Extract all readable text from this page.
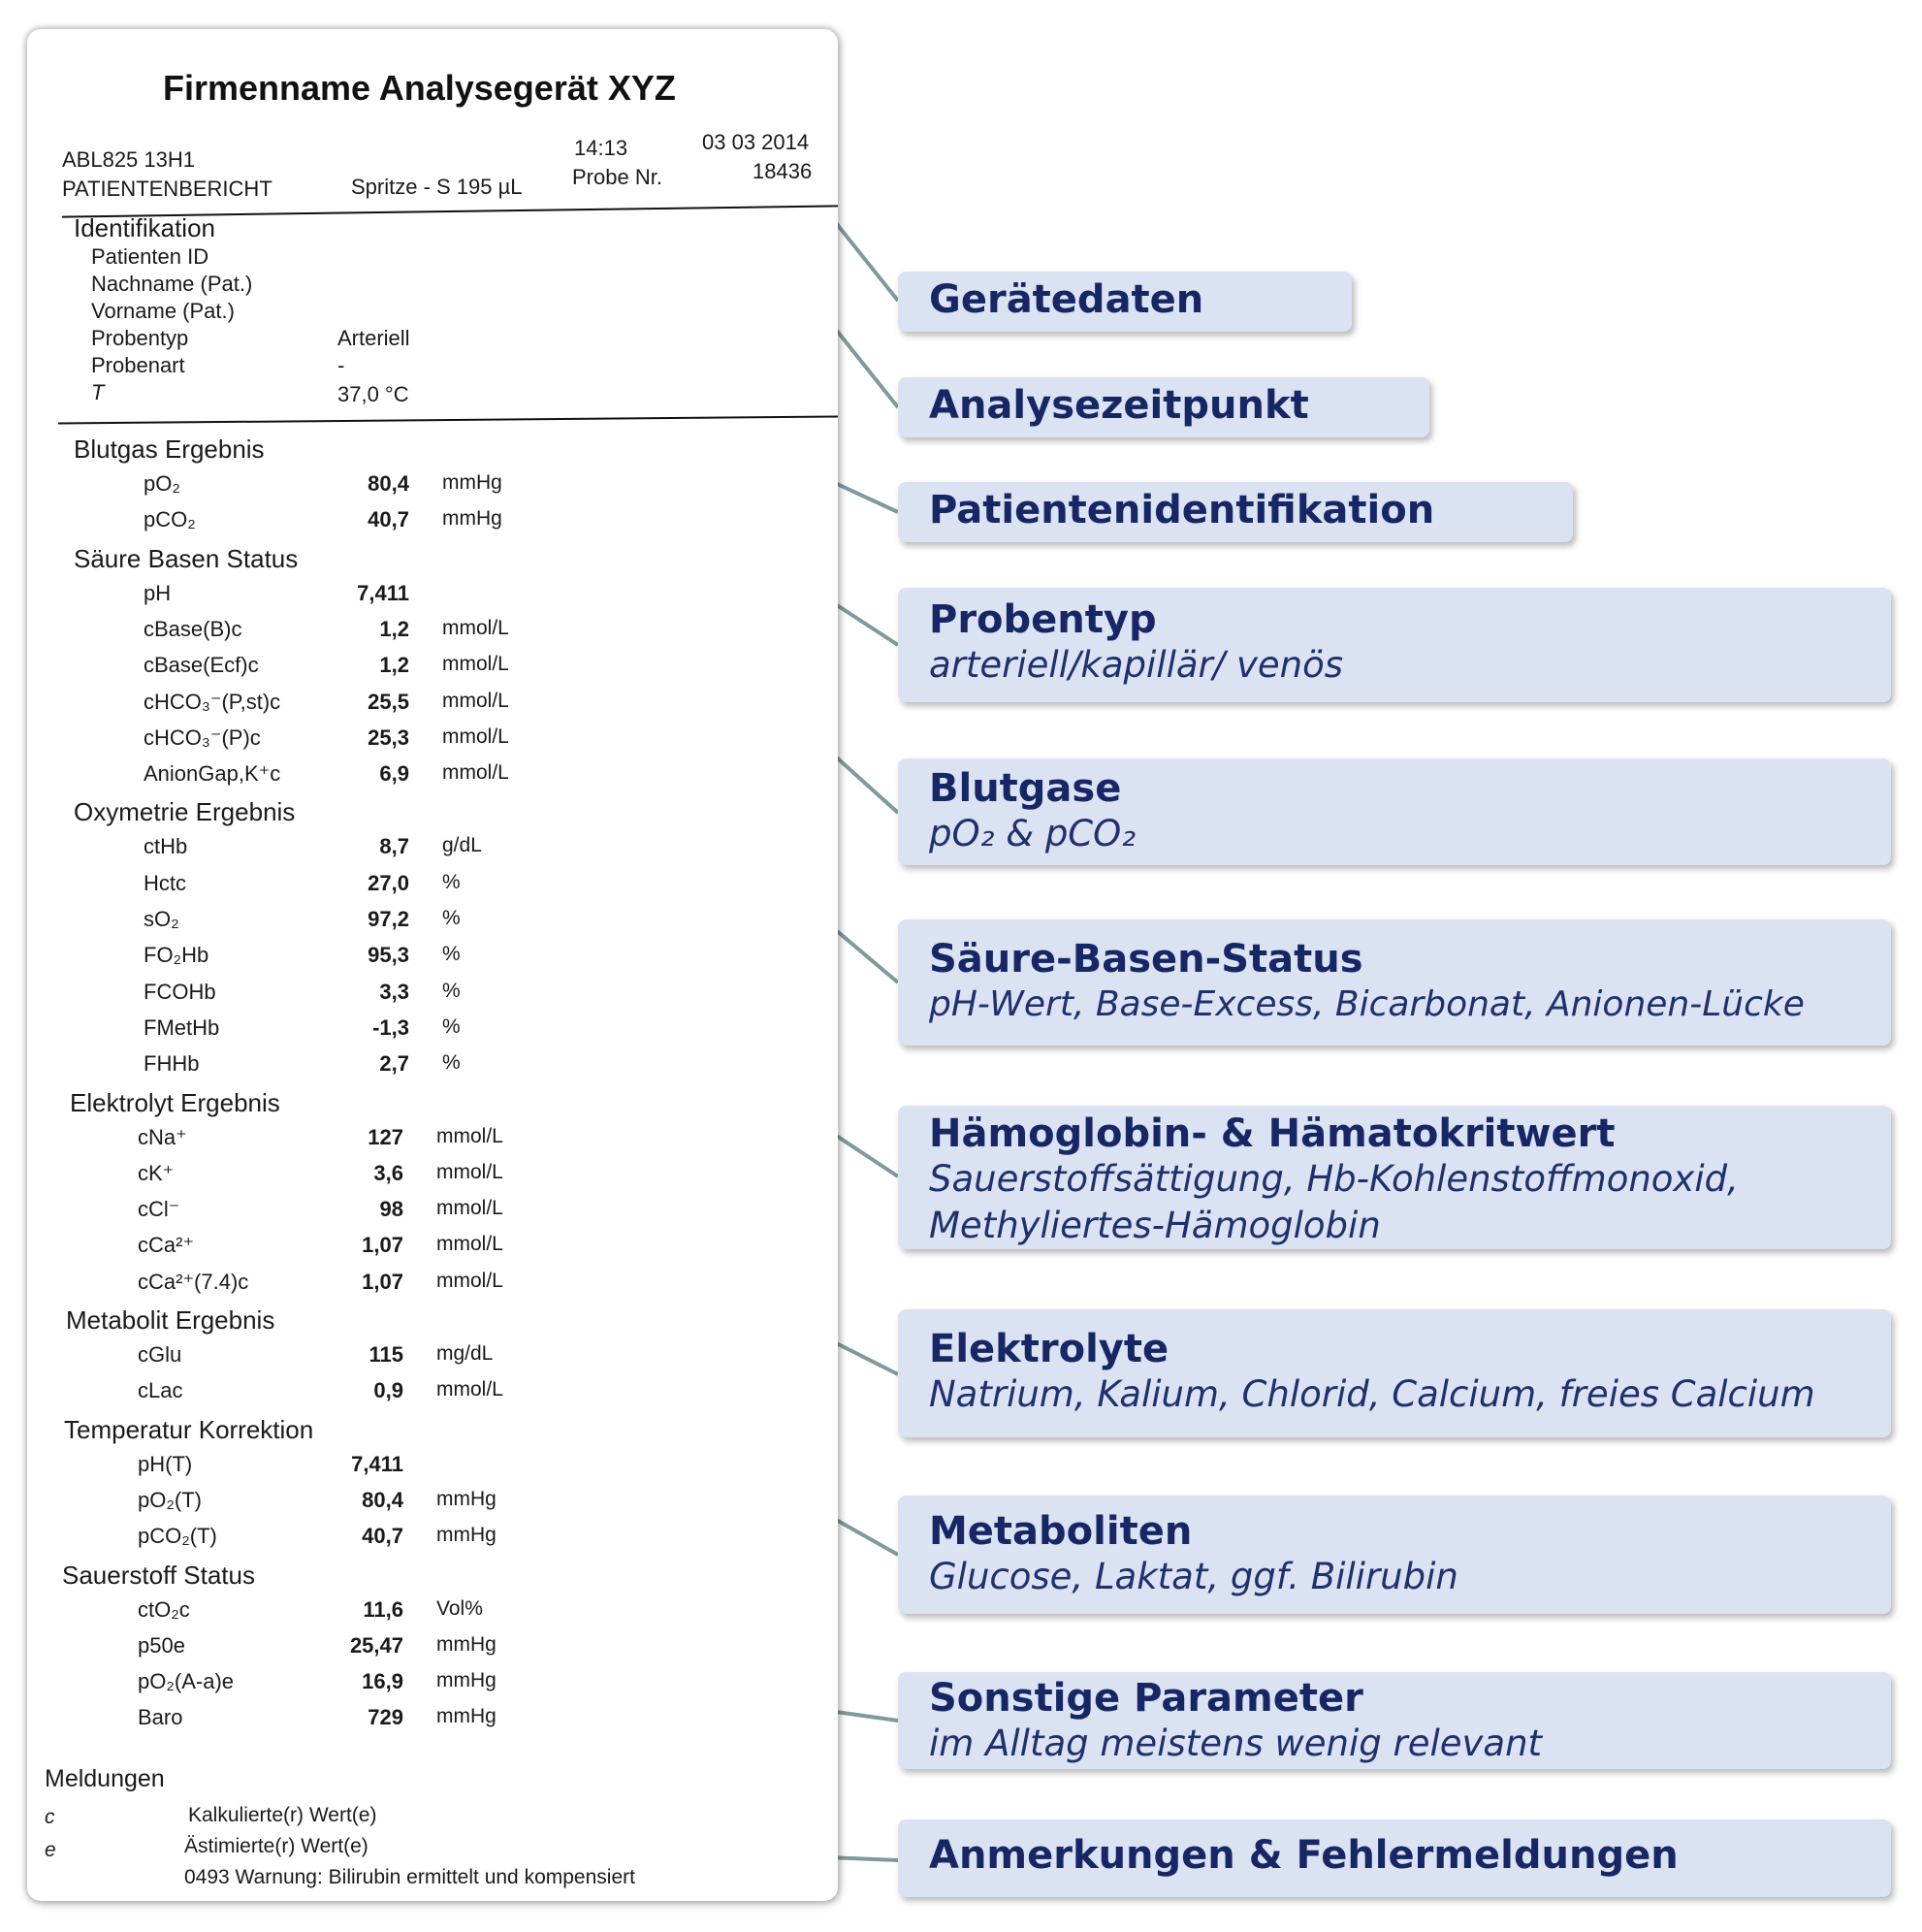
Firmenname Analysegerät XYZ
ABL825 13H1
PATIENTENBERICHT	Spritze - S 195 µL
14:13
Probe Nr.
03 03 2014
18436
Identifikation
Patienten ID
Nachname (Pat.)
Vorname (Pat.)
Probentyp	Arteriell
Probenart	-
T	37,0 °C
Blutgas Ergebnis
pO₂	80,4 mmHg
pCO₂	40,7 mmHg
Säure Basen Status
pH	7,411
cBase(B)c	1,2 mmol/L
cBase(Ecf)c	1,2 mmol/L
cHCO₃⁻(P,st)c	25,5 mmol/L
cHCO₃⁻(P)c	25,3 mmol/L
AnionGap,K⁺c	6,9 mmol/L
Oxymetrie Ergebnis
ctHb	8,7 g/dL
Hctc	27,0 %
sO₂	97,2 %
FO₂Hb	95,3 %
FCOHb	3,3 %
FMetHb	-1,3 %
FHHb	2,7 %
Elektrolyt Ergebnis
cNa⁺	127 mmol/L
cK⁺	3,6 mmol/L
cCl⁻	98 mmol/L
cCa²⁺	1,07 mmol/L
cCa²⁺(7.4)c	1,07 mmol/L
Metabolit Ergebnis
cGlu	115 mg/dL
cLac	0,9 mmol/L
Temperatur Korrektion
pH(T)	7,411
pO₂(T)	80,4 mmHg
pCO₂(T)	40,7 mmHg
Sauerstoff Status
ctO₂c	11,6 Vol%
p50e	25,47 mmHg
pO₂(A-a)e	16,9 mmHg
Baro	729 mmHg
Meldungen
c	Kalkulierte(r) Wert(e)
e	Ästimierte(r) Wert(e)
0493 Warnung: Bilirubin ermittelt und kompensiert
Gerätedaten
Analysezeitpunkt
Patientenidentifikation
Probentyp
arteriell/kapillär/ venös
Blutgase
pO₂ & pCO₂
Säure-Basen-Status
pH-Wert, Base-Excess, Bicarbonat, Anionen-Lücke
Hämoglobin- & Hämatokritwert
Sauerstoffsättigung, Hb-Kohlenstoffmonoxid,
Methyliertes-Hämoglobin
Elektrolyte
Natrium, Kalium, Chlorid, Calcium, freies Calcium
Metaboliten
Glucose, Laktat, ggf. Bilirubin
Sonstige Parameter
im Alltag meistens wenig relevant
Anmerkungen & Fehlermeldungen
